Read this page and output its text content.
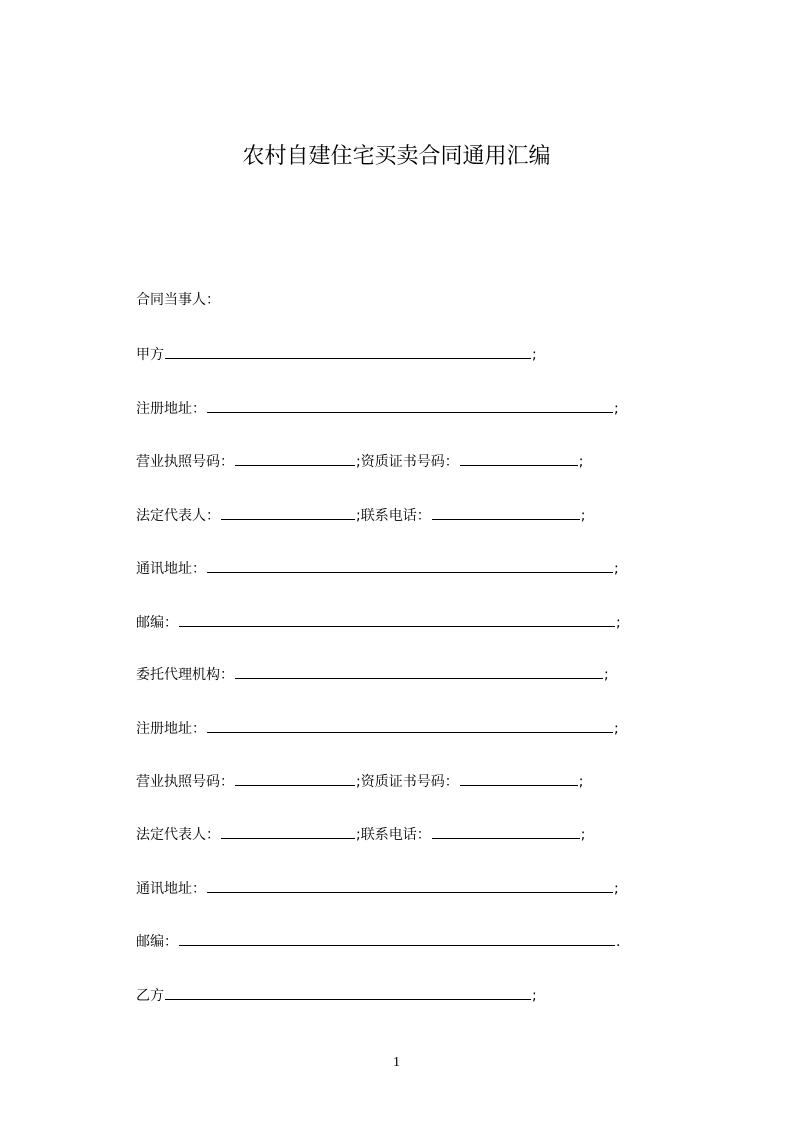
农村自建住宅买卖合同通用汇编
合同当事人：
甲方	;
注册地址：	;
营业执照号码：	;资质证书号码：	;
法定代表人：	;联系电话：	;
通讯地址：	;
邮编：	;
委托代理机构：	;
注册地址：	;
营业执照号码：	;资质证书号码：	;
法定代表人：	;联系电话：	;
通讯地址：	;
邮编：	.
乙方	;
1
